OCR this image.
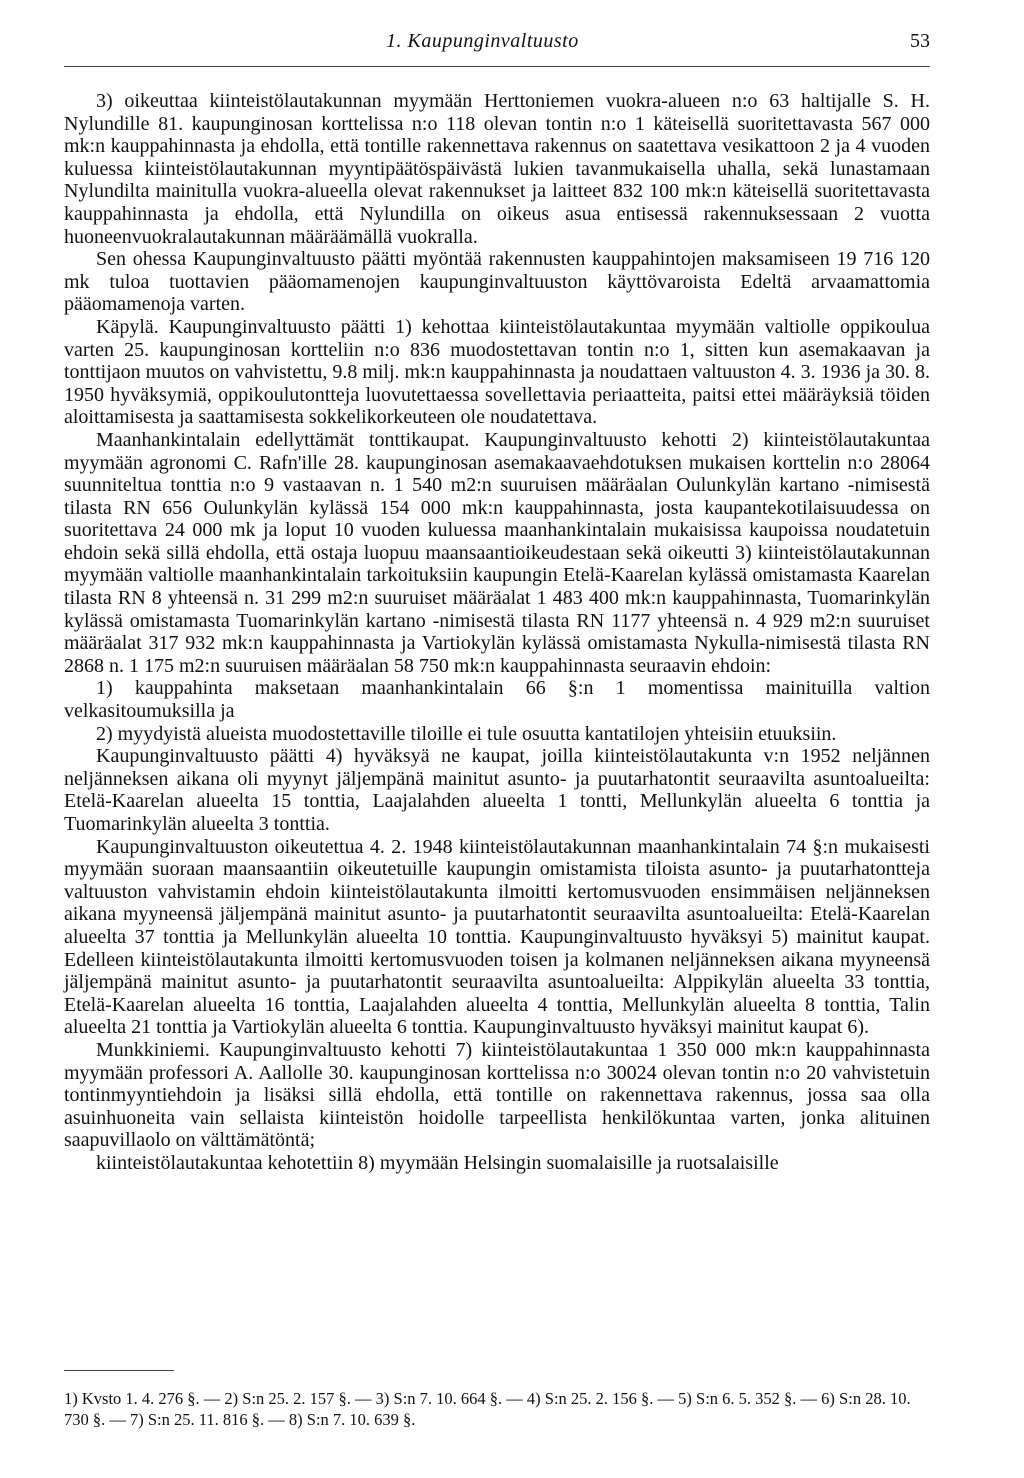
1. Kaupunginvaltuusto	53

3) oikeuttaa kiinteistölautakunnan myymään Herttoniemen vuokra-alueen n:o 63 haltijalle S. H. Nylundille 81. kaupunginosan korttelissa n:o 118 olevan tontin n:o 1 käteisellä suoritettavasta 567 000 mk:n kauppahinnasta ja ehdolla, että tontille rakennettava rakennus on saatettava vesikattoon 2 ja 4 vuoden kuluessa kiinteistölautakunnan myyntipäätöspäivästä lukien tavanmukaisella uhalla, sekä lunastamaan Nylundilta mainitulla vuokra-alueella olevat rakennukset ja laitteet 832 100 mk:n käteisellä suoritettavasta kauppahinnasta ja ehdolla, että Nylundilla on oikeus asua entisessä rakennuksessaan 2 vuotta huoneenvuokralautakunnan määräämällä vuokralla.

Sen ohessa Kaupunginvaltuusto päätti myöntää rakennusten kauppahintojen maksamiseen 19 716 120 mk tuloa tuottavien pääomamenojen kaupunginvaltuuston käyttövaroista Edeltä arvaamattomia pääomamenoja varten.

Käpylä. Kaupunginvaltuusto päätti 1) kehottaa kiinteistölautakuntaa myymään valtiolle oppikoulua varten 25. kaupunginosan kortteliin n:o 836 muodostettavan tontin n:o 1, sitten kun asemakaavan ja tonttijaon muutos on vahvistettu, 9.8 milj. mk:n kauppahinnasta ja noudattaen valtuuston 4. 3. 1936 ja 30. 8. 1950 hyväksymiä, oppikoulutontteja luovutettaessa sovellettavia periaatteita, paitsi ettei määräyksiä töiden aloittamisesta ja saattamisesta sokkelikorkeuteen ole noudatettava.

Maanhankintalain edellyttämät tonttikaupat. Kaupunginvaltuusto kehotti 2) kiinteistölautakuntaa myymään agronomi C. Rafn'ille 28. kaupunginosan asemakaavaehdotuksen mukaisen korttelin n:o 28064 suunniteltua tonttia n:o 9 vastaavan n. 1 540 m2:n suuruisen määräalan Oulunkylän kartano -nimisestä tilasta RN 656 Oulunkylän kylässä 154 000 mk:n kauppahinnasta, josta kaupantekotilaisuudessa on suoritettava 24 000 mk ja loput 10 vuoden kuluessa maanhankintalain mukaisissa kaupoissa noudatetuin ehdoin sekä sillä ehdolla, että ostaja luopuu maansaantioikeudestaan sekä oikeutti 3) kiinteistölautakunnan myymään valtiolle maanhankintalain tarkoituksiin kaupungin Etelä-Kaarelan kylässä omistamasta Kaarelan tilasta RN 8 yhteensä n. 31 299 m2:n suuruiset määräalat 1 483 400 mk:n kauppahinnasta, Tuomarinkylän kylässä omistamasta Tuomarinkylän kartano -nimisestä tilasta RN 1177 yhteensä n. 4 929 m2:n suuruiset määräalat 317 932 mk:n kauppahinnasta ja Vartiokylän kylässä omistamasta Nykulla-nimisestä tilasta RN 2868 n. 1 175 m2:n suuruisen määräalan 58 750 mk:n kauppahinnasta seuraavin ehdoin:

1) kauppahinta maksetaan maanhankintalain 66 §:n 1 momentissa mainituilla valtion velkasitoumuksilla ja

2) myydyistä alueista muodostettaville tiloille ei tule osuutta kantatilojen yhteisiin etuuksiin.

Kaupunginvaltuusto päätti 4) hyväksyä ne kaupat, joilla kiinteistölautakunta v:n 1952 neljännen neljänneksen aikana oli myynyt jäljempänä mainitut asunto- ja puutarhatontit seuraavilta asuntoalueilta: Etelä-Kaarelan alueelta 15 tonttia, Laajalahden alueelta 1 tontti, Mellunkylän alueelta 6 tonttia ja Tuomarinkylän alueelta 3 tonttia.

Kaupunginvaltuuston oikeutettua 4. 2. 1948 kiinteistölautakunnan maanhankintalain 74 §:n mukaisesti myymään suoraan maansaantiin oikeutetuille kaupungin omistamista tiloista asunto- ja puutarhatontteja valtuuston vahvistamin ehdoin kiinteistölautakunta ilmoitti kertomusvuoden ensimmäisen neljänneksen aikana myyneensä jäljempänä mainitut asunto- ja puutarhatontit seuraavilta asuntoalueilta: Etelä-Kaarelan alueelta 37 tonttia ja Mellunkylän alueelta 10 tonttia. Kaupunginvaltuusto hyväksyi 5) mainitut kaupat. Edelleen kiinteistölautakunta ilmoitti kertomusvuoden toisen ja kolmanen neljänneksen aikana myyneensä jäljempänä mainitut asunto- ja puutarhatontit seuraavilta asuntoalueilta: Alppikylän alueelta 33 tonttia, Etelä-Kaarelan alueelta 16 tonttia, Laajalahden alueelta 4 tonttia, Mellunkylän alueelta 8 tonttia, Talin alueelta 21 tonttia ja Vartiokylän alueelta 6 tonttia. Kaupunginvaltuusto hyväksyi mainitut kaupat 6).

Munkkiniemi. Kaupunginvaltuusto kehotti 7) kiinteistölautakuntaa 1 350 000 mk:n kauppahinnasta myymään professori A. Aallolle 30. kaupunginosan korttelissa n:o 30024 olevan tontin n:o 20 vahvistetuin tontinmyyntiehdoin ja lisäksi sillä ehdolla, että tontille on rakennettava rakennus, jossa saa olla asuinhuoneita vain sellaista kiinteistön hoidolle tarpeellista henkilökuntaa varten, jonka alituinen saapuvillaolo on välttämätöntä;

kiinteistölautakuntaa kehotettiin 8) myymään Helsingin suomalaisille ja ruotsalaisille

1) Kvsto 1. 4. 276 §. — 2) S:n 25. 2. 157 §. — 3) S:n 7. 10. 664 §. — 4) S:n 25. 2. 156 §. — 5) S:n 6. 5. 352 §. — 6) S:n 28. 10. 730 §. — 7) S:n 25. 11. 816 §. — 8) S:n 7. 10. 639 §.
